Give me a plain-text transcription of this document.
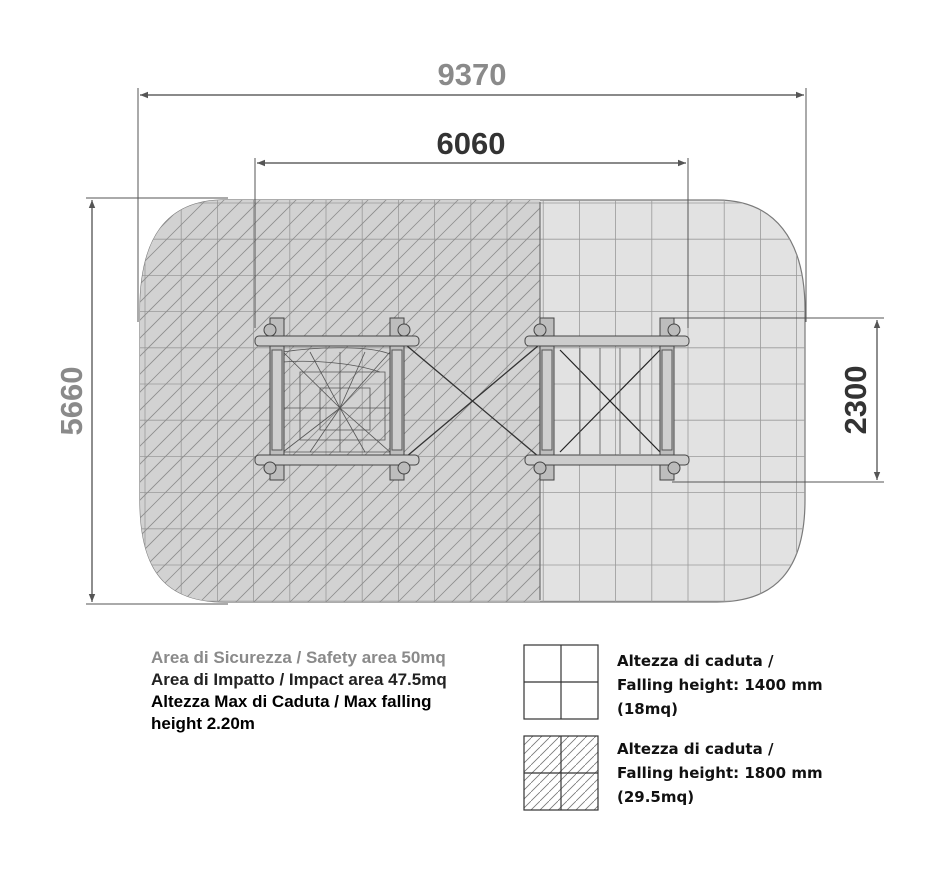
9370
6060
5660	2300
Area di Sicurezza / Safety area 50mq
Area di Impatto / Impact area 47.5mq
Altezza Max di Caduta / Max falling
height 2.20m
Altezza di caduta /
Falling height: 1400 mm
(18mq)
Altezza di caduta /
Falling height: 1800 mm
(29.5mq)
